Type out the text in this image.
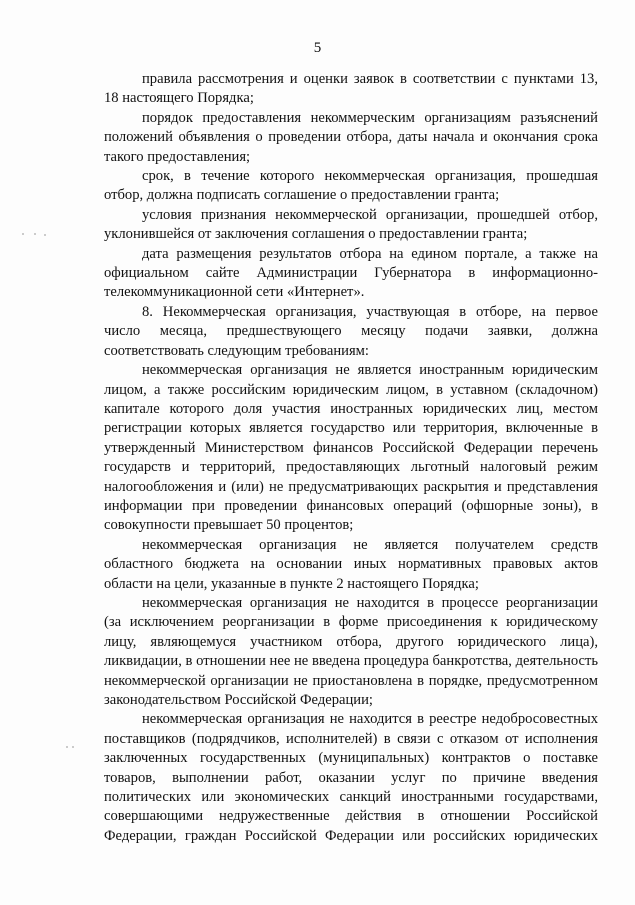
5
правила рассмотрения и оценки заявок в соответствии с пунктами 13,
18 настоящего Порядка;
порядок предоставления некоммерческим организациям разъяснений
положений объявления о проведении отбора, даты начала и окончания срока
такого предоставления;
срок, в течение которого некоммерческая организация, прошедшая
отбор, должна подписать соглашение о предоставлении гранта;
условия признания некоммерческой организации, прошедшей отбор,
уклонившейся от заключения соглашения о предоставлении гранта;
дата размещения результатов отбора на едином портале, а также на
официальном сайте Администрации Губернатора в информационно-
телекоммуникационной сети «Интернет».
8. Некоммерческая организация, участвующая в отборе, на первое
число месяца, предшествующего месяцу подачи заявки, должна
соответствовать следующим требованиям:
некоммерческая организация не является иностранным юридическим
лицом, а также российским юридическим лицом, в уставном (складочном)
капитале которого доля участия иностранных юридических лиц, местом
регистрации которых является государство или территория, включенные в
утвержденный Министерством финансов Российской Федерации перечень
государств и территорий, предоставляющих льготный налоговый режим
налогообложения и (или) не предусматривающих раскрытия и представления
информации при проведении финансовых операций (офшорные зоны), в
совокупности превышает 50 процентов;
некоммерческая организация не является получателем средств
областного бюджета на основании иных нормативных правовых актов
области на цели, указанные в пункте 2 настоящего Порядка;
некоммерческая организация не находится в процессе реорганизации
(за исключением реорганизации в форме присоединения к юридическому
лицу, являющемуся участником отбора, другого юридического лица),
ликвидации, в отношении нее не введена процедура банкротства, деятельность
некоммерческой организации не приостановлена в порядке, предусмотренном
законодательством Российской Федерации;
некоммерческая организация не находится в реестре недобросовестных
поставщиков (подрядчиков, исполнителей) в связи с отказом от исполнения
заключенных государственных (муниципальных) контрактов о поставке
товаров, выполнении работ, оказании услуг по причине введения
политических или экономических санкций иностранными государствами,
совершающими недружественные действия в отношении Российской
Федерации, граждан Российской Федерации или российских юридических
